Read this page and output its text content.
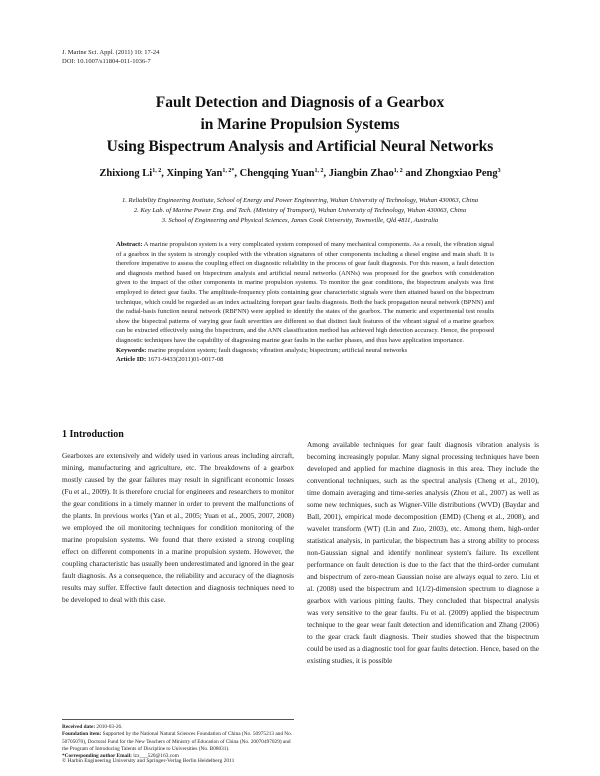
J. Marine Sci. Appl. (2011) 10: 17-24
DOI: 10.1007/s11804-011-1036-7
Fault Detection and Diagnosis of a Gearbox
in Marine Propulsion Systems
Using Bispectrum Analysis and Artificial Neural Networks
Zhixiong Li$^{1, 2}$, Xinping Yan$^{1, 2*}$, Chengqing Yuan$^{1, 2}$, Jiangbin Zhao$^{1, 2}$ and Zhongxiao Peng$^3$
1. Reliability Engineering Institute, School of Energy and Power Engineering, Wuhan University of Technology, Wuhan 430063, China
2. Key Lab. of Marine Power Eng. and Tech. (Ministry of Transport), Wuhan University of Technology, Wuhan 430063, China
3. School of Engineering and Physical Sciences, James Cook University, Townsville, Qld 4811, Australia

Abstract: A marine propulsion system is a very complicated system composed of many mechanical components. As a result, the vibration signal of a gearbox in the system is strongly coupled with the vibration signatures of other components including a diesel engine and main shaft. It is therefore imperative to assess the coupling effect on diagnostic reliability in the process of gear fault diagnosis. For this reason, a fault detection and diagnosis method based on bispectrum analysis and artificial neural networks (ANNs) was proposed for the gearbox with consideration given to the impact of the other components in marine propulsion systems. To monitor the gear conditions, the bispectrum analysis was first employed to detect gear faults. The amplitude-frequency plots containing gear characteristic signals were then attained based on the bispectrum technique, which could be regarded as an index actualizing forepart gear faults diagnosis. Both the back propagation neural network (BPNN) and the radial-basis function neural network (RBFNN) were applied to identify the states of the gearbox. The numeric and experimental test results show the bispectral patterns of varying gear fault severities are different so that distinct fault features of the vibrant signal of a marine gearbox can be extracted effectively using the bispectrum, and the ANN classification method has achieved high detection accuracy. Hence, the proposed diagnostic techniques have the capability of diagnosing marine gear faults in the earlier phases, and thus have application importance.

Keywords: marine propulsion system; fault diagnosis; vibration analysis; bispectrum; artificial neural networks

Article ID: 1671-9433(2011)01-0017-08

1 Introduction

Gearboxes are extensively and widely used in various areas including aircraft, mining, manufacturing and agriculture, etc. The breakdowns of a gearbox mostly caused by the gear failures may result in significant economic losses (Fu et al., 2009). It is therefore crucial for engineers and researchers to monitor the gear conditions in a timely manner in order to prevent the malfunctions of the plants. In previous works (Yan et al., 2005; Yuan et al., 2005, 2007, 2008) we employed the oil monitoring techniques for condition monitoring of the marine propulsion systems. We found that there existed a strong coupling effect on different components in a marine propulsion system. However, the coupling characteristic has usually been underestimated and ignored in the gear fault diagnosis. As a consequence, the reliability and accuracy of the diagnosis results may suffer. Effective fault detection and diagnosis techniques need to be developed to deal with this case.

Among available techniques for gear fault diagnosis vibration analysis is becoming increasingly popular. Many signal processing techniques have been developed and applied for machine diagnosis in this area. They include the conventional techniques, such as the spectral analysis (Cheng et al., 2010), time domain averaging and time-series analysis (Zhou et al., 2007) as well as some new techniques, such as Wigner-Ville distributions (WVD) (Baydar and Ball, 2001), empirical mode decomposition (EMD) (Cheng et al., 2008), and wavelet transform (WT) (Lin and Zuo, 2003), etc. Among them, high-order statistical analysis, in particular, the bispectrum has a strong ability to process non-Gaussian signal and identify nonlinear system's failure. Its excellent performance on fault detection is due to the fact that the third-order cumulant and bispectrum of zero-mean Gaussian noise are always equal to zero. Liu et al. (2008) used the bispectrum and 1(1/2)-dimension spectrum to diagnose a gearbox with various pitting faults. They concluded that bispectral analysis was very sensitive to the gear faults. Fu et al. (2009) applied the bispectrum technique to the gear wear fault detection and identification and Zhang (2006) to the gear crack fault diagnosis. Their studies showed that the bispectrum could be used as a diagnostic tool for gear faults detection. Hence, based on the existing studies, it is possible

Received date: 2010-03-26.
Foundation item: Supported by the National Natural Sciences Foundation of China (No. 50975213 and No. 50705070), Doctoral Fund for the New Teachers of Ministry of Education of China (No. 20070497029) and the Program of Introducing Talents of Discipline to Universities (No. B08031).
*Corresponding author Email: lzx___520@163.com
© Harbin Engineering University and Springer-Verlag Berlin Heidelberg 2011
